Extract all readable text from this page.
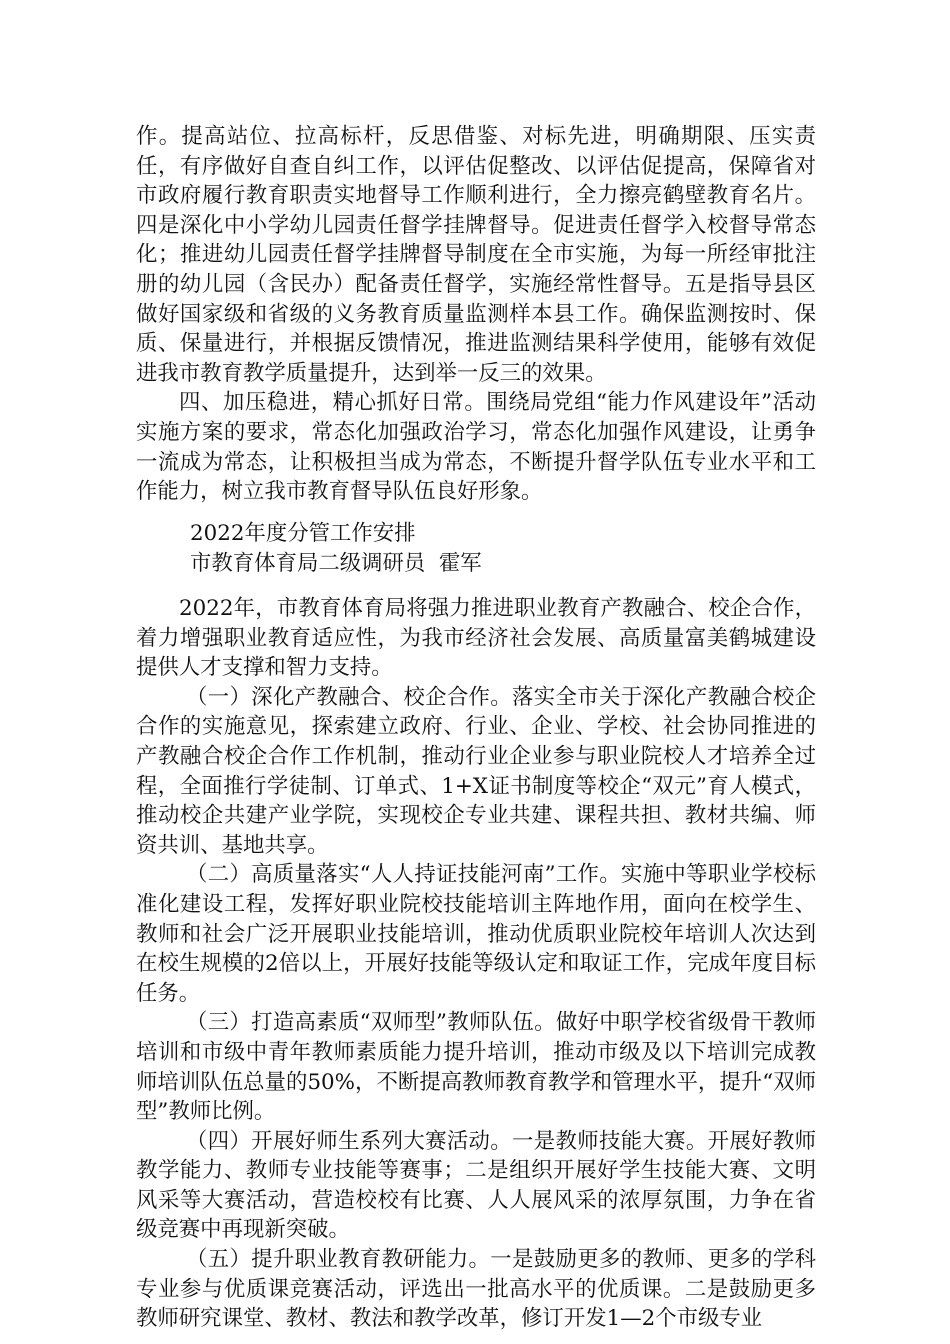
作。提高站位、拉高标杆，反思借鉴、对标先进，明确期限、压实责任，有序做好自查自纠工作，以评估促整改、以评估促提高，保障省对市政府履行教育职责实地督导工作顺利进行，全力擦亮鹤壁教育名片。四是深化中小学幼儿园责任督学挂牌督导。促进责任督学入校督导常态化；推进幼儿园责任督学挂牌督导制度在全市实施，为每一所经审批注册的幼儿园（含民办）配备责任督学，实施经常性督导。五是指导县区做好国家级和省级的义务教育质量监测样本县工作。确保监测按时、保质、保量进行，并根据反馈情况，推进监测结果科学使用，能够有效促进我市教育教学质量提升，达到举一反三的效果。

四、加压稳进，精心抓好日常。围绕局党组“能力作风建设年”活动实施方案的要求，常态化加强政治学习，常态化加强作风建设，让勇争一流成为常态，让积极担当成为常态，不断提升督学队伍专业水平和工作能力，树立我市教育督导队伍良好形象。

2022年度分管工作安排
市教育体育局二级调研员  霍军

2022年，市教育体育局将强力推进职业教育产教融合、校企合作，着力增强职业教育适应性，为我市经济社会发展、高质量富美鹤城建设提供人才支撑和智力支持。

（一）深化产教融合、校企合作。落实全市关于深化产教融合校企合作的实施意见，探索建立政府、行业、企业、学校、社会协同推进的产教融合校企合作工作机制，推动行业企业参与职业院校人才培养全过程，全面推行学徒制、订单式、1+X证书制度等校企“双元”育人模式，推动校企共建产业学院，实现校企专业共建、课程共担、教材共编、师资共训、基地共享。

（二）高质量落实“人人持证技能河南”工作。实施中等职业学校标准化建设工程，发挥好职业院校技能培训主阵地作用，面向在校学生、教师和社会广泛开展职业技能培训，推动优质职业院校年培训人次达到在校生规模的2倍以上，开展好技能等级认定和取证工作，完成年度目标任务。

（三）打造高素质“双师型”教师队伍。做好中职学校省级骨干教师培训和市级中青年教师素质能力提升培训，推动市级及以下培训完成教师培训队伍总量的50%，不断提高教师教育教学和管理水平，提升“双师型”教师比例。

（四）开展好师生系列大赛活动。一是教师技能大赛。开展好教师教学能力、教师专业技能等赛事；二是组织开展好学生技能大赛、文明风采等大赛活动，营造校校有比赛、人人展风采的浓厚氛围，力争在省级竞赛中再现新突破。

（五）提升职业教育教研能力。一是鼓励更多的教师、更多的学科专业参与优质课竞赛活动，评选出一批高水平的优质课。二是鼓励更多教师研究课堂、教材、教法和教学改革，修订开发1—2个市级专业
